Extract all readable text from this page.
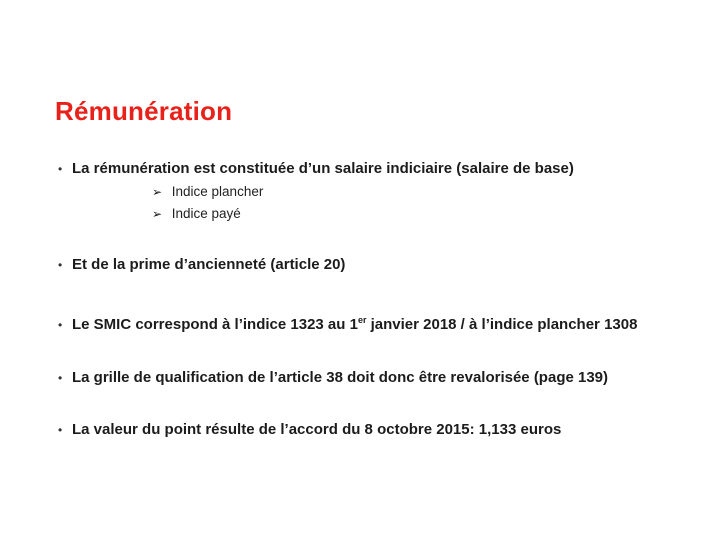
Rémunération
• La rémunération est constituée d’un salaire indiciaire (salaire de base)
➢ Indice plancher
➢ Indice payé
• Et de la prime d’ancienneté (article 20)
• Le SMIC correspond à l’indice 1323 au 1er janvier 2018 / à l’indice plancher 1308
• La grille de qualification de l’article 38 doit donc être revalorisée (page 139)
• La valeur du point résulte de l’accord du 8 octobre 2015: 1,133 euros
